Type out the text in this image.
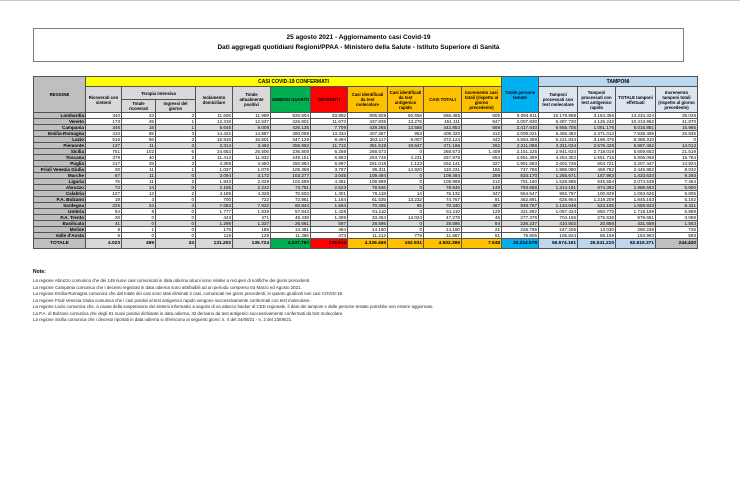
25 agosto 2021 - Aggiornamento casi Covid-19

Dati aggregati quotidiani Regioni/PPAA - Ministero della Salute - Istituto Superiore di Sanità

REGIONE	CASI COVID-19 CONFERMATI											Totale persone testate	TAMPONI			
	Ricoverati con sintomi	Terapia intensiva		Isolamento domiciliare	Totale attualmente positivi	DIMESSI GUARITI	DECEDUTI	Casi identificati da test molecolare	Casi identificati da test antigenico rapido	CASI TOTALI	Incremento casi totali (rispetto al giorno precedente)		Tamponi processati con test molecolare	Tamponi processati con test antigenico rapido	TOTALE tamponi effettuati	Incremento tamponi totali (rispetto al giorno precedente)
		Totale ricoverati	Ingressi del giorno													
Lombardia	340	43	3	11.606	11.989	820.604	33.892	805.829	60.656	866.485	605	5.094.911	10.179.968	3.154.356	13.334.324	39.028
Veneto	173	45	1	12.319	12.537	426.901	11.673	437.835	13.276	451.111	847	2.007.830	6.287.720	4.126.242	10.413.962	41.870
Campania	346	18	1	8.645	9.009	426.135	7.709	429.265	13.588	442.853	569	3.417.640	6.955.705	1.061.176	8.016.881	15.985
Emilia-Romagna	410	55	3	14.422	14.887	380.099	13.334	407.367	953	408.320	412	2.009.021	5.465.482	2.371.013	7.836.495	26.835
Lazio	516	66	3	15.919	16.501	347.129	8.494	363.117	9.007	372.124	442	4.564.368	5.221.834	3.166.476	8.388.310	0
Piemonte	137	11	3	3.314	3.462	355.992	11.712	351.519	19.647	371.166	262	2.211.086	3.311.034	2.576.428	5.887.462	14.013
Sicilia	751	102	6	24.653	25.506	236.808	6.259	268.573	0	268.573	1.409	2.151.225	2.941.634	2.718.019	5.659.653	21.519
Toscana	379	40	2	11.413	11.832	249.151	6.993	263.745	4.231	267.976	654	2.651.389	4.254.352	1.551.716	5.806.068	15.764
Puglia	217	25	3	4.308	4.550	250.894	6.697	261.018	1.123	262.141	327	1.951.683	2.602.726	604.721	3.207.447	14.924
Friuli Venezia Giulia	28	11	1	1.037	1.076	105.358	3.797	95.311	14.920	110.231	155	747.756	1.986.080	459.782	2.445.862	8.032
Marche	67	11	0	3.094	3.172	103.277	3.045	109.494	0	109.494	259	834.170	1.265.671	167.963	1.433.634	9.293
Liguria	75	11	2	1.943	2.029	102.589	4.381	108.999	0	108.999	212	791.160	1.528.985	545.554	2.074.539	7.464
Abruzzo	73	14	0	2.155	2.242	73.781	2.523	78.546	0	78.546	149	783.668	1.314.191	674.392	1.988.583	5.660
Calabria	127	12	2	4.189	4.328	70.503	1.301	76.118	14	76.132	347	564.547	962.797	100.829	1.063.626	5.805
P.A. Bolzano	19	3	0	700	722	72.861	1.184	61.535	13.232	74.767	81	452.891	625.954	1.219.209	1.845.163	5.162
Sardegna	225	24	4	7.683	7.932	60.844	1.564	70.255	85	70.340	487	948.767	1.134.648	524.185	1.658.833	8.421
Umbria	54	8	0	1.777	1.839	57.843	1.428	61.110	0	61.110	129	421.892	1.067.424	650.775	1.718.199	5.889
P.A. Trento	28	0	0	443	471	45.438	1.369	33.254	14.024	47.278	46	277.376	704.156	275.535	979.691	3.059
Basilicata	41	0	0	1.296	1.337	26.661	597	28.595	0	28.595	84	226.237	410.802	20.856	431.658	1.563
Molise	8	1	0	176	185	13.481	494	14.160	0	14.160	21	226.785	247.206	13.030	260.236	736
Valle d'Aosta	9	0	0	119	128	11.386	473	11.212	775	11.987	51	78.805	105.824	58.159	163.983	593
TOTALE	4.023	499	34	131.202	135.724	4.237.750	128.914	4.339.465	162.931	4.502.396	7.548	32.214.578	56.574.161	26.041.210	82.615.371	244.420

Note:

La regione Abruzzo comunica che dei 149 nuovi casi comunicati in data odierna alcuni sono relativi a recuperi di notifiche dei giorni precedenti.

La regione Campania comunica che i decessi registrati in data odierna sono attribuibili ad un periodo compreso tra Marzo ed Agosto 2021.

La regione Emilia-Romagna comunica che dal totale dei casi sono stati eliminati 2 casi, comunicati nei giorni precedenti, in quanto giudicati non casi COVID-19.

La regione Friuli Venezia Giulia comunica che i casi positivi al test antigenico rapido vengono successivamente confermati con test molecolare.

La regione Lazio comunica che, a causa della sospensione dei sistemi informatici a seguito di un attacco hacker al CED regionale, il dato dei tamponi e delle persone testate potrebbe non essere aggiornato.

La P.A. di Bolzano comunica che degli 81 nuovi positivi dichiarati in data odierna, 32 derivano da test antigenici successivamente confermati da test molecolare.

La regione Sicilia comunica che i decessi riportati in data odierna si riferiscono ai seguenti giorni: n. 4 del 24/08/21 - n. 2 del 23/08/21.
